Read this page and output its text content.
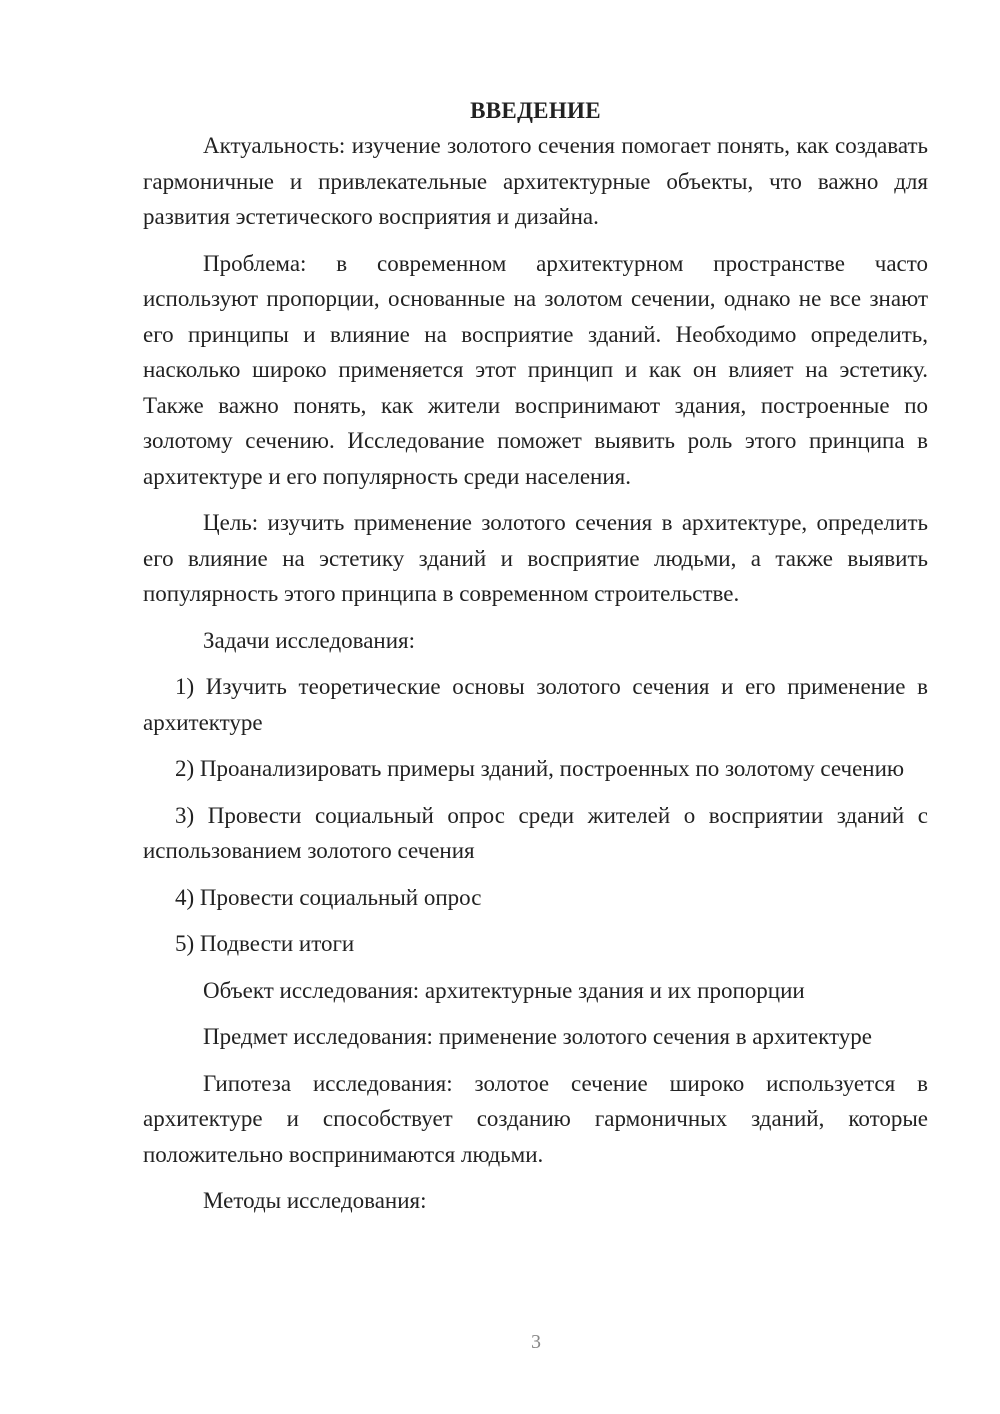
ВВЕДЕНИЕ

Актуальность: изучение золотого сечения помогает понять, как создавать гармоничные и привлекательные архитектурные объекты, что важно для развития эстетического восприятия и дизайна.

Проблема: в современном архитектурном пространстве часто используют пропорции, основанные на золотом сечении, однако не все знают его принципы и влияние на восприятие зданий. Необходимо определить, насколько широко применяется этот принцип и как он влияет на эстетику. Также важно понять, как жители воспринимают здания, построенные по золотому сечению. Исследование поможет выявить роль этого принципа в архитектуре и его популярность среди населения.

Цель: изучить применение золотого сечения в архитектуре, определить его влияние на эстетику зданий и восприятие людьми, а также выявить популярность этого принципа в современном строительстве.

Задачи исследования:

1) Изучить теоретические основы золотого сечения и его применение в архитектуре

2) Проанализировать примеры зданий, построенных по золотому сечению

3) Провести социальный опрос среди жителей о восприятии зданий с использованием золотого сечения

4) Провести социальный опрос

5) Подвести итоги

Объект исследования: архитектурные здания и их пропорции

Предмет исследования: применение золотого сечения в архитектуре

Гипотеза исследования: золотое сечение широко используется в архитектуре и способствует созданию гармоничных зданий, которые положительно воспринимаются людьми.

Методы исследования:

3
